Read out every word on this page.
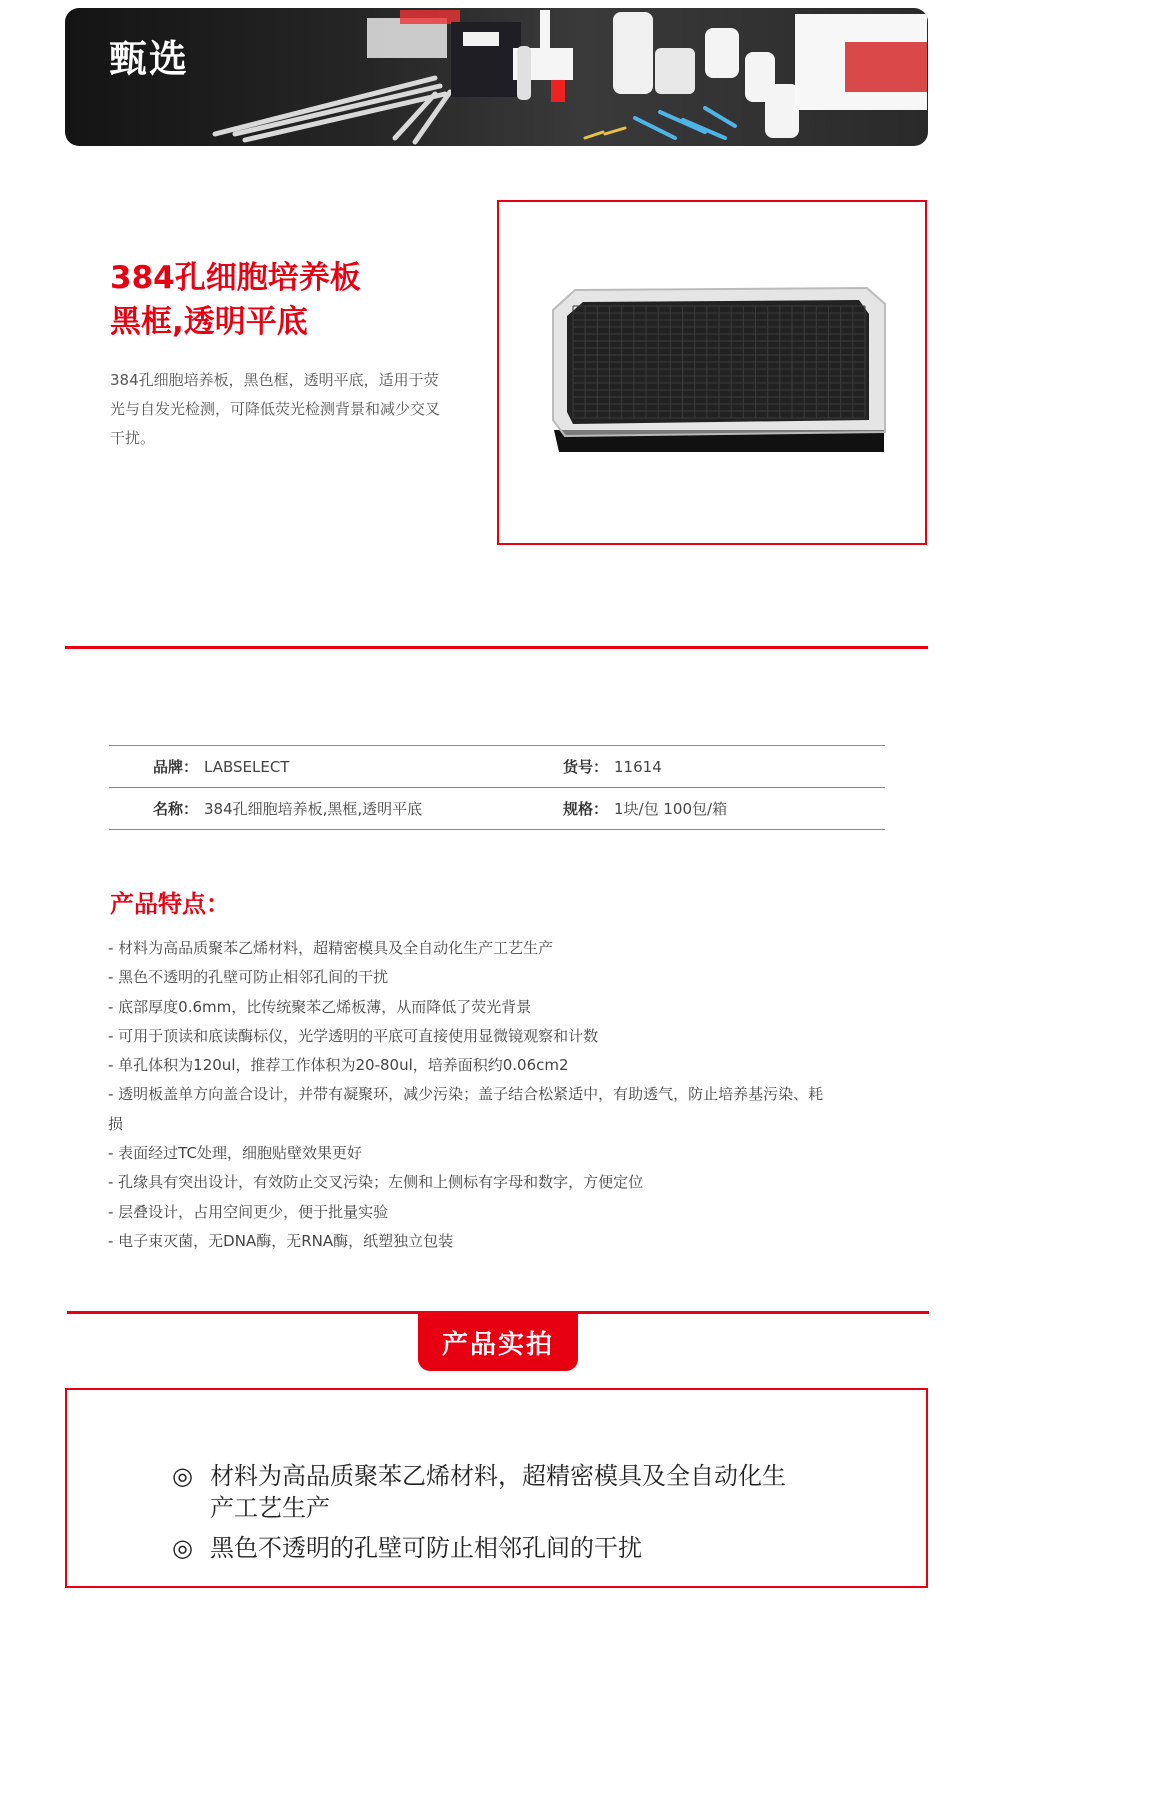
甄选
384孔细胞培养板
黑框,透明平底
384孔细胞培养板，黑色框，透明平底，适用于荧光与自发光检测，可降低荧光检测背景和减少交叉干扰。
品牌： LABSELECT	货号： 11614
名称： 384孔细胞培养板,黑框,透明平底	规格： 1块/包 100包/箱
产品特点：
- 材料为高品质聚苯乙烯材料，超精密模具及全自动化生产工艺生产
- 黑色不透明的孔壁可防止相邻孔间的干扰
- 底部厚度0.6mm，比传统聚苯乙烯板薄，从而降低了荧光背景
- 可用于顶读和底读酶标仪，光学透明的平底可直接使用显微镜观察和计数
- 单孔体积为120ul，推荐工作体积为20-80ul，培养面积约0.06cm2
- 透明板盖单方向盖合设计，并带有凝聚环，减少污染；盖子结合松紧适中，有助透气，防止培养基污染、耗损
- 表面经过TC处理，细胞贴壁效果更好
- 孔缘具有突出设计，有效防止交叉污染；左侧和上侧标有字母和数字，方便定位
- 层叠设计，占用空间更少，便于批量实验
- 电子束灭菌，无DNA酶，无RNA酶，纸塑独立包装
产品实拍
◎ 材料为高品质聚苯乙烯材料，超精密模具及全自动化生产工艺生产
◎ 黑色不透明的孔壁可防止相邻孔间的干扰
